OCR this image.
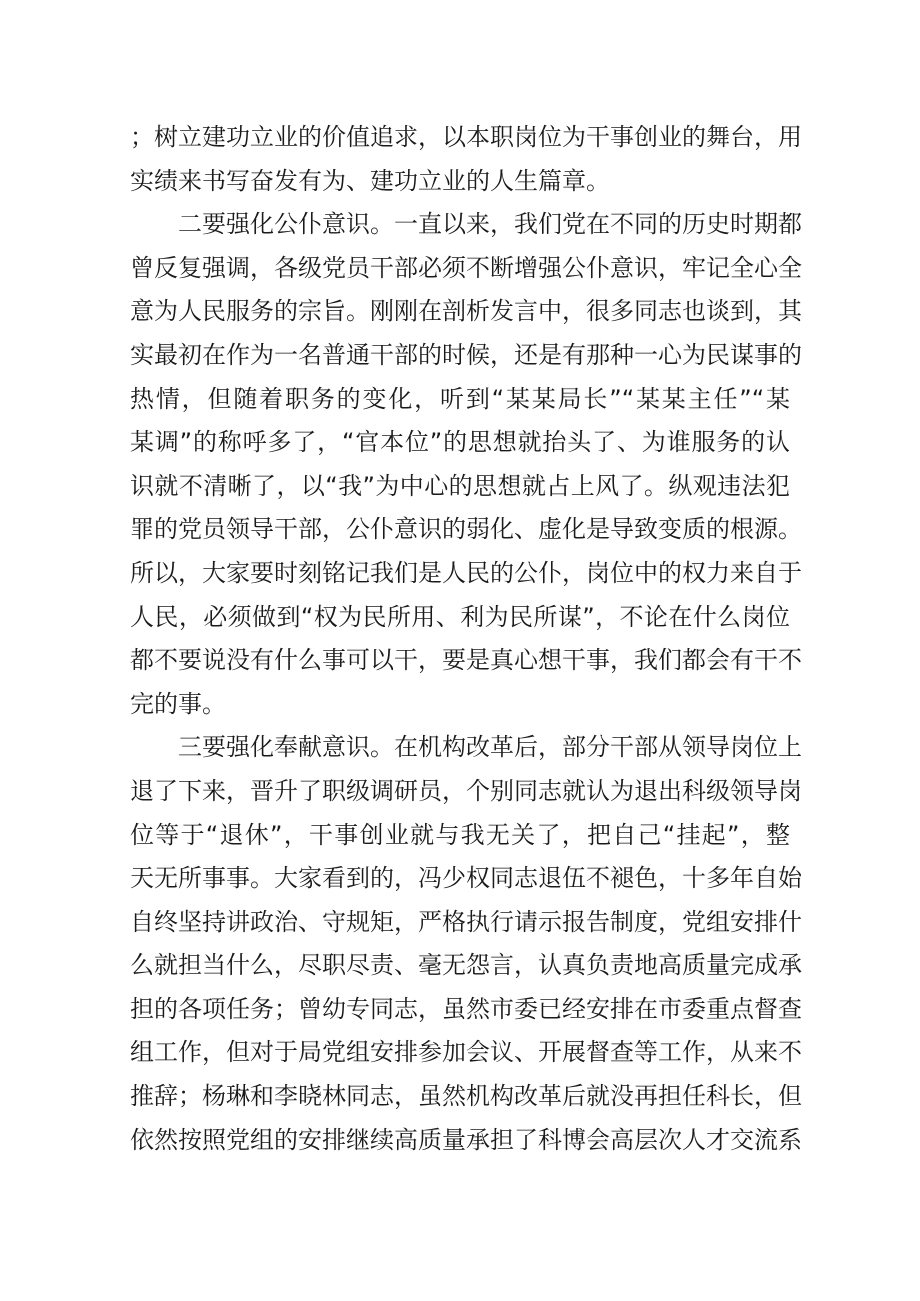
；树立建功立业的价值追求，以本职岗位为干事创业的舞台，用
实绩来书写奋发有为、建功立业的人生篇章。

二要强化公仆意识。一直以来，我们党在不同的历史时期都
曾反复强调，各级党员干部必须不断增强公仆意识，牢记全心全
意为人民服务的宗旨。刚刚在剖析发言中，很多同志也谈到，其
实最初在作为一名普通干部的时候，还是有那种一心为民谋事的
热情，但随着职务的变化，听到“某某局长”“某某主任”“某
某调”的称呼多了，“官本位”的思想就抬头了、为谁服务的认
识就不清晰了，以“我”为中心的思想就占上风了。纵观违法犯
罪的党员领导干部，公仆意识的弱化、虚化是导致变质的根源。
所以，大家要时刻铭记我们是人民的公仆，岗位中的权力来自于
人民，必须做到“权为民所用、利为民所谋”，不论在什么岗位
都不要说没有什么事可以干，要是真心想干事，我们都会有干不
完的事。

三要强化奉献意识。在机构改革后，部分干部从领导岗位上
退了下来，晋升了职级调研员，个别同志就认为退出科级领导岗
位等于“退休”，干事创业就与我无关了，把自己“挂起”，整
天无所事事。大家看到的，冯少权同志退伍不褪色，十多年自始
自终坚持讲政治、守规矩，严格执行请示报告制度，党组安排什
么就担当什么，尽职尽责、毫无怨言，认真负责地高质量完成承
担的各项任务；曾幼专同志，虽然市委已经安排在市委重点督查
组工作，但对于局党组安排参加会议、开展督查等工作，从来不
推辞；杨琳和李晓林同志，虽然机构改革后就没再担任科长，但
依然按照党组的安排继续高质量承担了科博会高层次人才交流系
